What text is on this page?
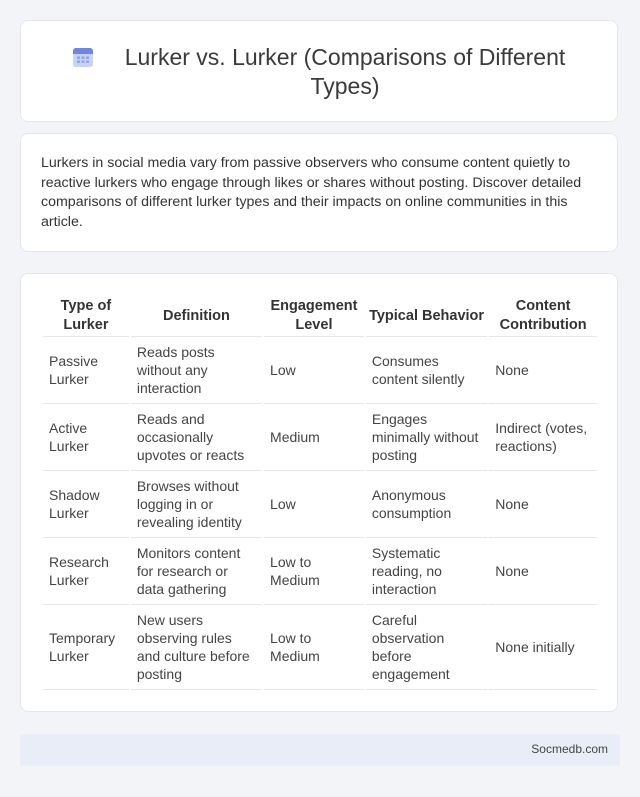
Lurker vs. Lurker (Comparisons of Different Types)

Lurkers in social media vary from passive observers who consume content quietly to reactive lurkers who engage through likes or shares without posting. Discover detailed comparisons of different lurker types and their impacts on online communities in this article.

Type of Lurker	Definition	Engagement Level	Typical Behavior	Content Contribution
Passive Lurker	Reads posts without any interaction	Low	Consumes content silently	None
Active Lurker	Reads and occasionally upvotes or reacts	Medium	Engages minimally without posting	Indirect (votes, reactions)
Shadow Lurker	Browses without logging in or revealing identity	Low	Anonymous consumption	None
Research Lurker	Monitors content for research or data gathering	Low to Medium	Systematic reading, no interaction	None
Temporary Lurker	New users observing rules and culture before posting	Low to Medium	Careful observation before engagement	None initially
Socmedb.com
